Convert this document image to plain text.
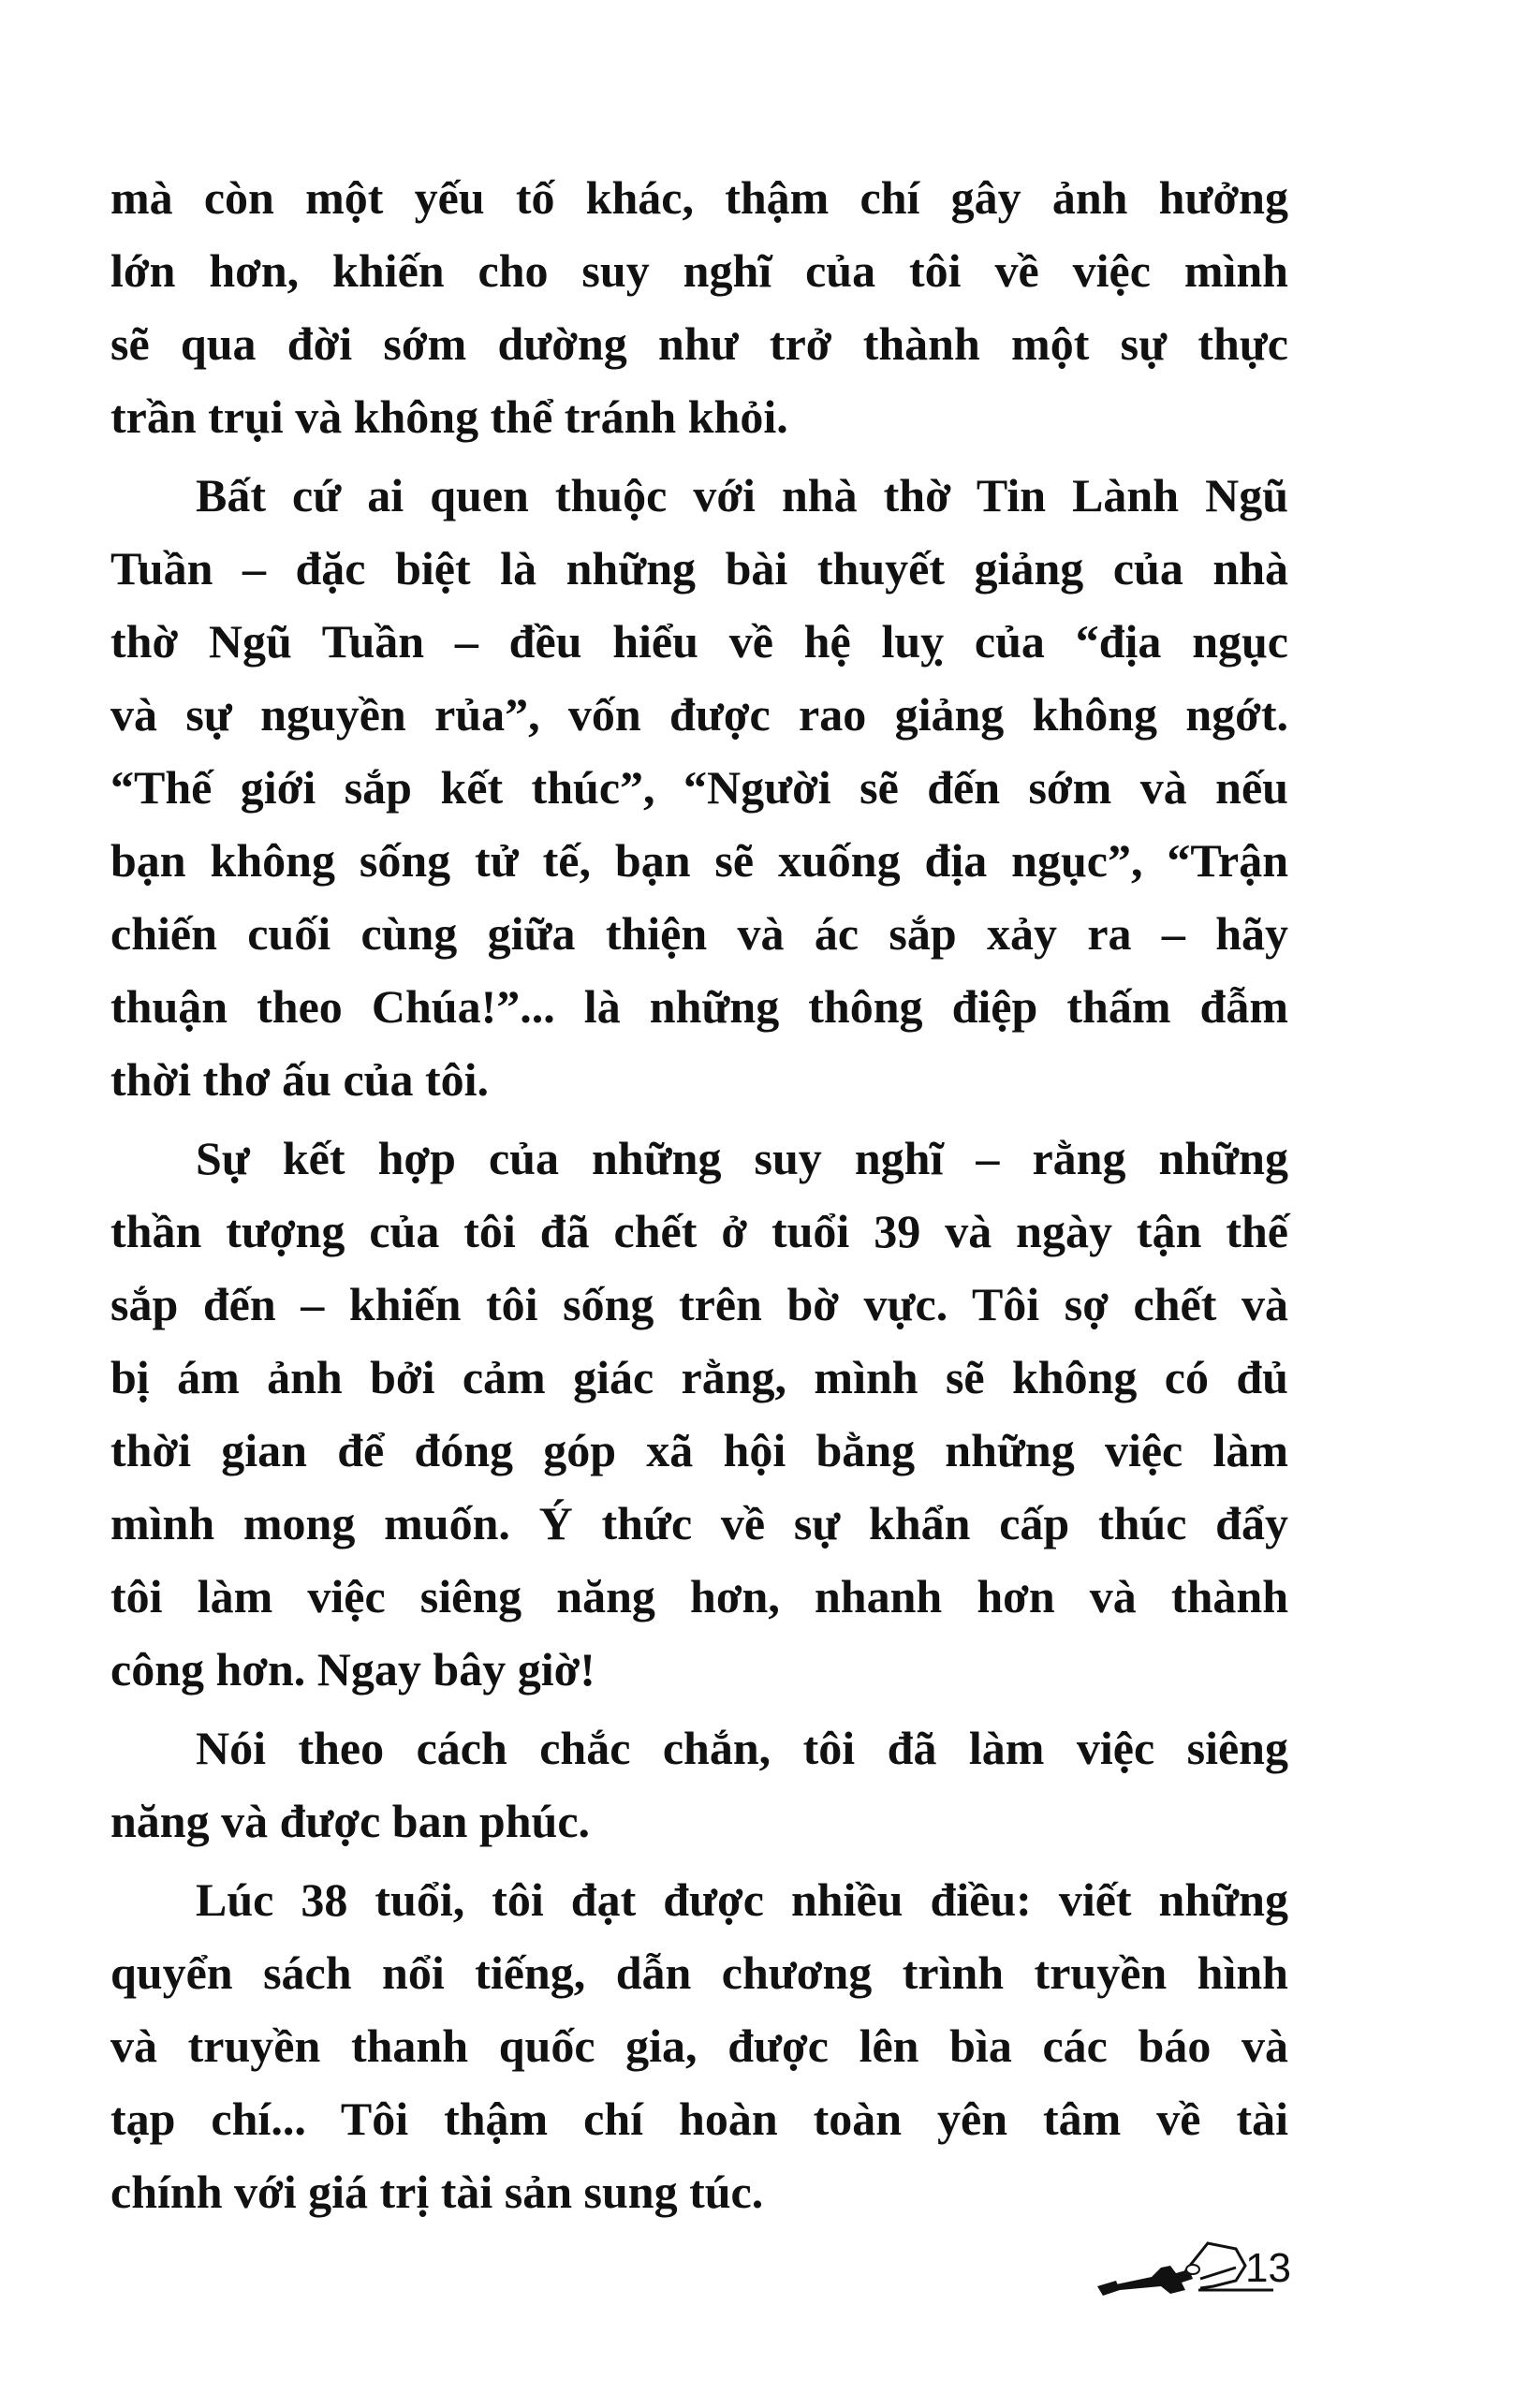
mà còn một yếu tố khác, thậm chí gây ảnh hưởng
lớn hơn, khiến cho suy nghĩ của tôi về việc mình
sẽ qua đời sớm dường như trở thành một sự thực
trần trụi và không thể tránh khỏi.
Bất cứ ai quen thuộc với nhà thờ Tin Lành Ngũ
Tuần – đặc biệt là những bài thuyết giảng của nhà
thờ Ngũ Tuần – đều hiểu về hệ luỵ của “địa ngục
và sự nguyền rủa”, vốn được rao giảng không ngớt.
“Thế giới sắp kết thúc”, “Người sẽ đến sớm và nếu
bạn không sống tử tế, bạn sẽ xuống địa ngục”, “Trận
chiến cuối cùng giữa thiện và ác sắp xảy ra – hãy
thuận theo Chúa!”... là những thông điệp thấm đẫm
thời thơ ấu của tôi.
Sự kết hợp của những suy nghĩ – rằng những
thần tượng của tôi đã chết ở tuổi 39 và ngày tận thế
sắp đến – khiến tôi sống trên bờ vực. Tôi sợ chết và
bị ám ảnh bởi cảm giác rằng, mình sẽ không có đủ
thời gian để đóng góp xã hội bằng những việc làm
mình mong muốn. Ý thức về sự khẩn cấp thúc đẩy
tôi làm việc siêng năng hơn, nhanh hơn và thành
công hơn. Ngay bây giờ!
Nói theo cách chắc chắn, tôi đã làm việc siêng
năng và được ban phúc.
Lúc 38 tuổi, tôi đạt được nhiều điều: viết những
quyển sách nổi tiếng, dẫn chương trình truyền hình
và truyền thanh quốc gia, được lên bìa các báo và
tạp chí... Tôi thậm chí hoàn toàn yên tâm về tài
chính với giá trị tài sản sung túc.
13
